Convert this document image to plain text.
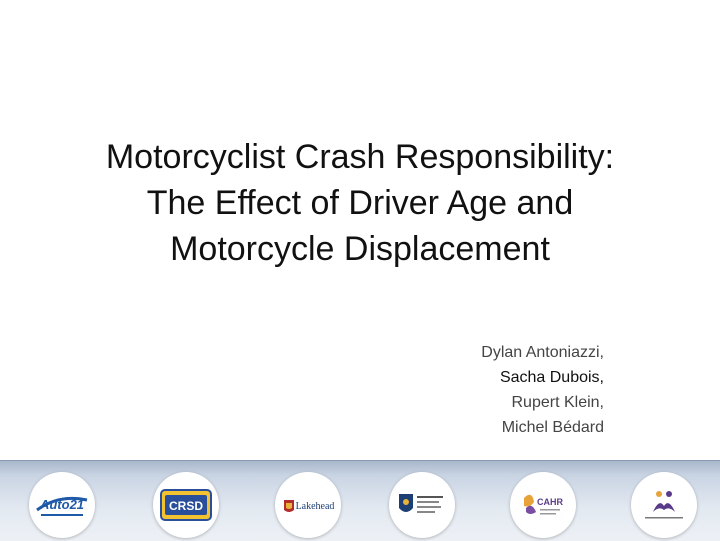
Motorcyclist Crash Responsibility:
The Effect of Driver Age and
Motorcycle Displacement
Dylan Antoniazzi,
Sacha Dubois,
Rupert Klein,
Michel Bédard
Auto21	CRSD	Lakehead	CAHR
